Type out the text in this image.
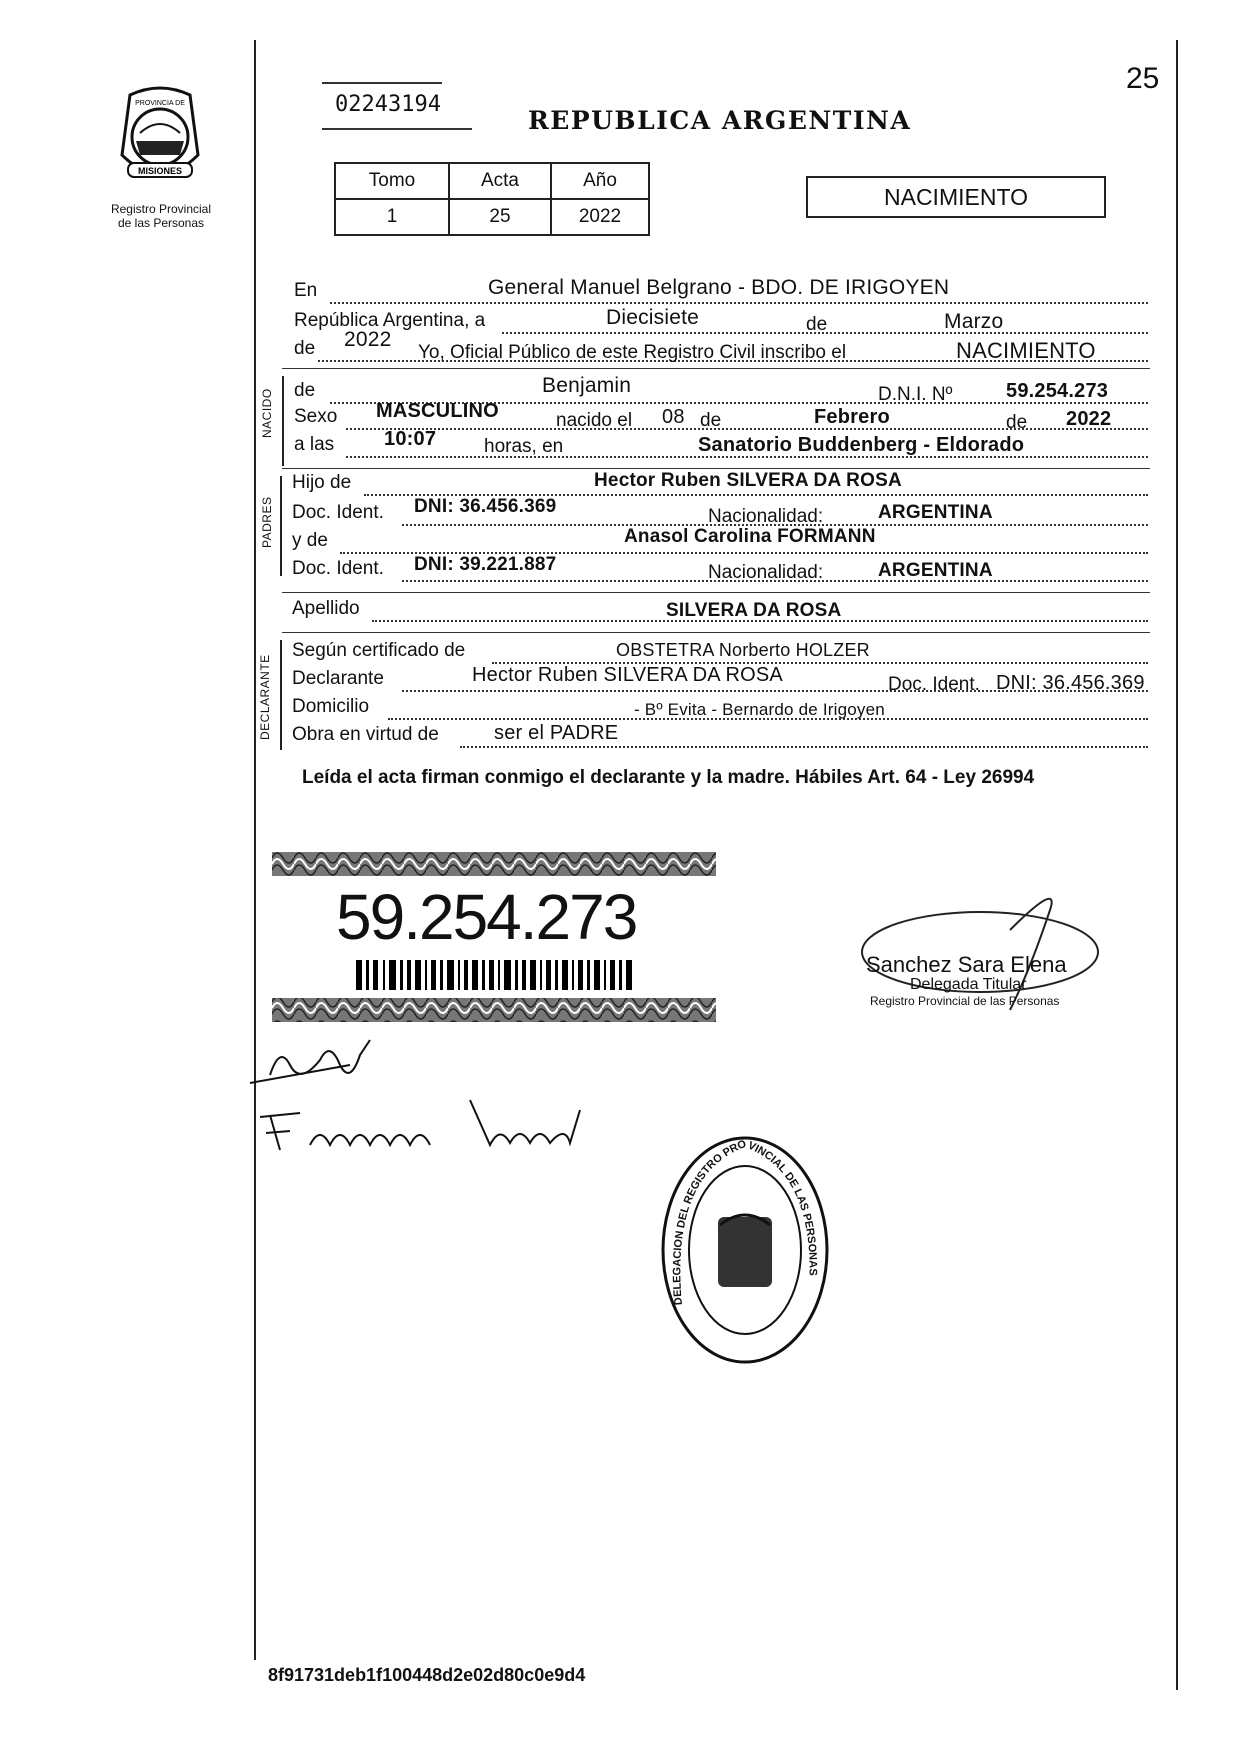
25
MISIONES
PROVINCIA DE
Registro Provincial
de las Personas
02243194
REPUBLICA ARGENTINA
Tomo	Acta	Año
1	25	2022
NACIMIENTO
En	General Manuel Belgrano - BDO. DE IRIGOYEN
República Argentina, a	Diecisiete	de	Marzo
de 2022
Yo, Oficial Público de este Registro Civil inscribo el	NACIMIENTO
NACIDO de	Benjamin	D.N.I. Nº	59.254.273
Sexo MASCULINO	nacido el 08 de	Febrero	de 2022
a las 10:07	horas, en	Sanatorio Buddenberg - Eldorado
PADRES
Hijo de	Hector Ruben SILVERA DA ROSA
Doc. Ident. DNI: 36.456.369	Nacionalidad:	ARGENTINA
y de	Anasol Carolina FORMANN
Doc. Ident. DNI: 39.221.887	Nacionalidad:	ARGENTINA
Apellido	SILVERA DA ROSA
DECLARANTE
Según certificado de	OBSTETRA Norberto HOLZER
Declarante	Hector Ruben SILVERA DA ROSA	Doc. Ident. DNI: 36.456.369
Domicilio	- Bº Evita - Bernardo de Irigoyen
Obra en virtud de	ser el PADRE
Leída el acta firman conmigo el declarante y la madre. Hábiles Art. 64 - Ley 26994
59.254.273
Sanchez Sara Elena
Delegada Titular
Registro Provincial de las Personas
DELEGACION DEL REGISTRO PROVINCIAL DE LAS PERSONAS
8f91731deb1f100448d2e02d80c0e9d4
